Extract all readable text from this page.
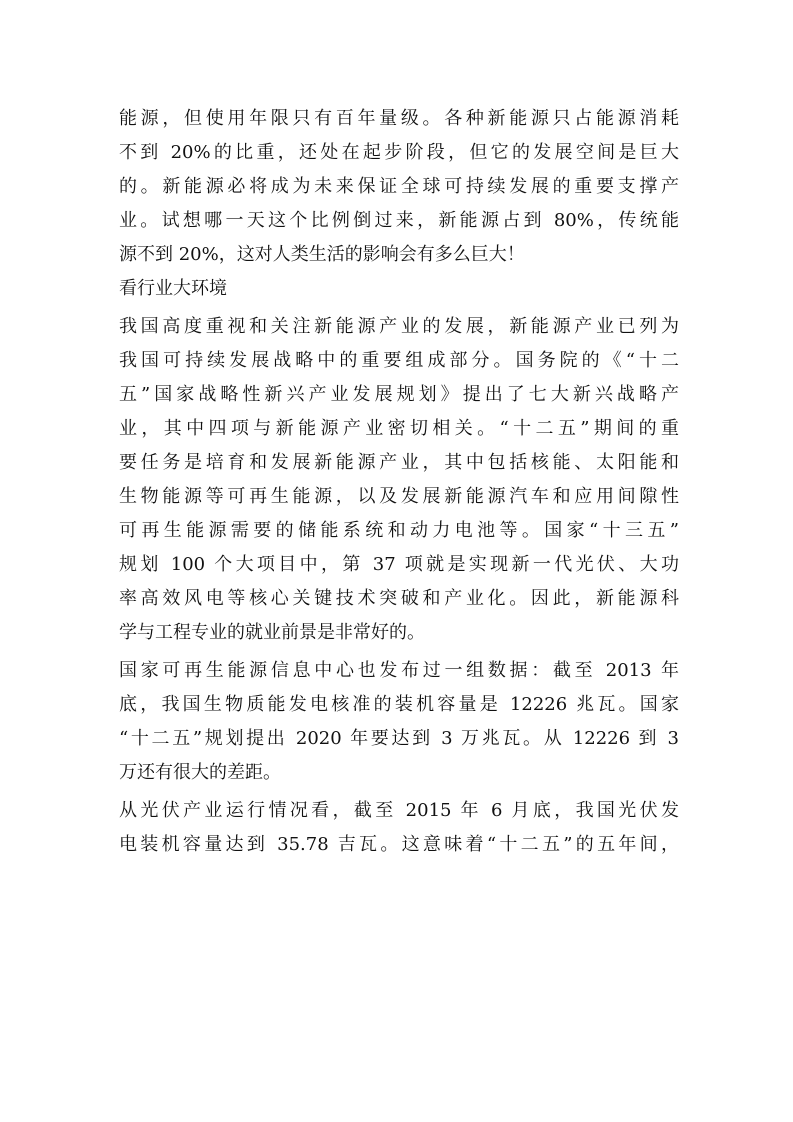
能源，但使用年限只有百年量级。各种新能源只占能源消耗
不到 20%的比重，还处在起步阶段，但它的发展空间是巨大
的。新能源必将成为未来保证全球可持续发展的重要支撑产
业。试想哪一天这个比例倒过来，新能源占到 80%，传统能
源不到 20%，这对人类生活的影响会有多么巨大！
看行业大环境
我国高度重视和关注新能源产业的发展，新能源产业已列为
我国可持续发展战略中的重要组成部分。国务院的《“十二
五”国家战略性新兴产业发展规划》提出了七大新兴战略产
业，其中四项与新能源产业密切相关。“十二五”期间的重
要任务是培育和发展新能源产业，其中包括核能、太阳能和
生物能源等可再生能源，以及发展新能源汽车和应用间隙性
可再生能源需要的储能系统和动力电池等。国家“十三五”
规划 100 个大项目中，第 37 项就是实现新一代光伏、大功
率高效风电等核心关键技术突破和产业化。因此，新能源科
学与工程专业的就业前景是非常好的。
国家可再生能源信息中心也发布过一组数据：截至 2013 年
底，我国生物质能发电核准的装机容量是 12226 兆瓦。国家
“十二五”规划提出 2020 年要达到 3 万兆瓦。从 12226 到 3
万还有很大的差距。
从光伏产业运行情况看，截至 2015 年 6 月底，我国光伏发
电装机容量达到 35.78 吉瓦。这意味着“十二五”的五年间，
